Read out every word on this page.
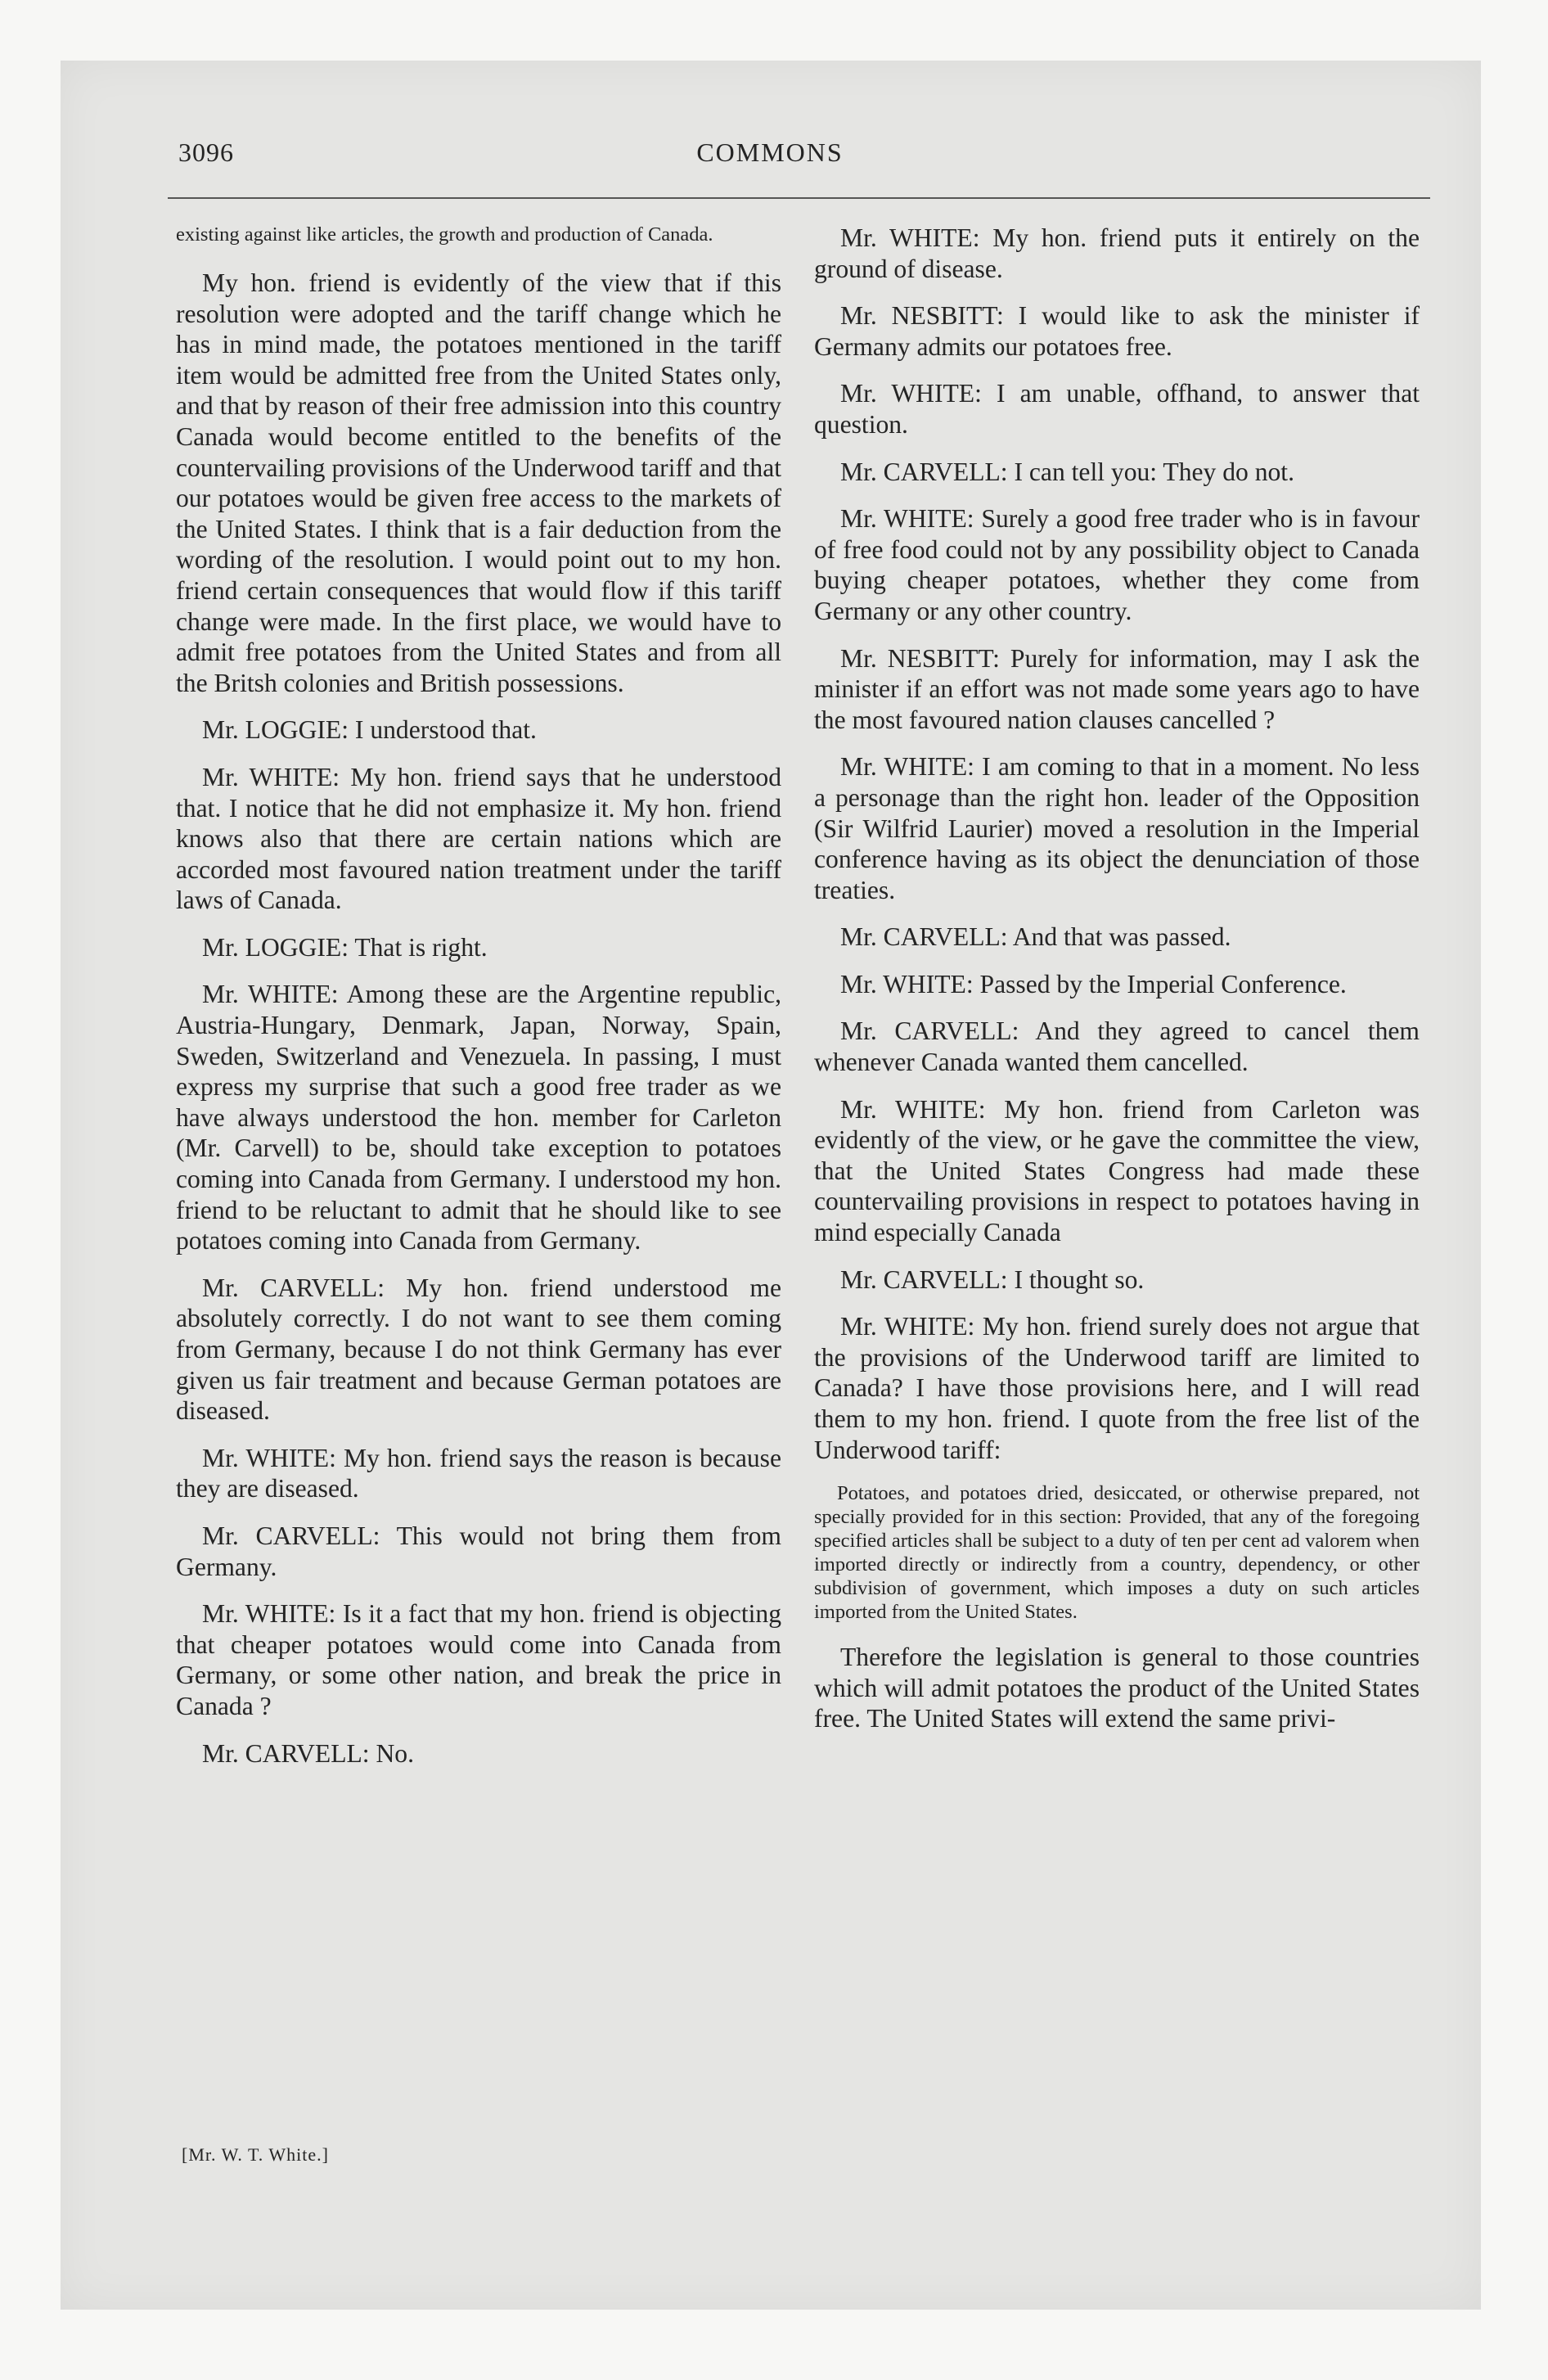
3096	COMMONS

existing against like articles, the growth and production of Canada.

My hon. friend is evidently of the view that if this resolution were adopted and the tariff change which he has in mind made, the potatoes mentioned in the tariff item would be admitted free from the United States only, and that by reason of their free admission into this country Canada would become entitled to the benefits of the countervailing provisions of the Underwood tariff and that our potatoes would be given free access to the markets of the United States. I think that is a fair deduction from the wording of the resolution. I would point out to my hon. friend certain consequences that would flow if this tariff change were made. In the first place, we would have to admit free potatoes from the United States and from all the Britsh colonies and British possessions.

Mr. LOGGIE: I understood that.

Mr. WHITE: My hon. friend says that he understood that. I notice that he did not emphasize it. My hon. friend knows also that there are certain nations which are accorded most favoured nation treatment under the tariff laws of Canada.

Mr. LOGGIE: That is right.

Mr. WHITE: Among these are the Argentine republic, Austria-Hungary, Denmark, Japan, Norway, Spain, Sweden, Switzerland and Venezuela. In passing, I must express my surprise that such a good free trader as we have always understood the hon. member for Carleton (Mr. Carvell) to be, should take exception to potatoes coming into Canada from Germany. I understood my hon. friend to be reluctant to admit that he should like to see potatoes coming into Canada from Germany.

Mr. CARVELL: My hon. friend understood me absolutely correctly. I do not want to see them coming from Germany, because I do not think Germany has ever given us fair treatment and because German potatoes are diseased.

Mr. WHITE: My hon. friend says the reason is because they are diseased.

Mr. CARVELL: This would not bring them from Germany.

Mr. WHITE: Is it a fact that my hon. friend is objecting that cheaper potatoes would come into Canada from Germany, or some other nation, and break the price in Canada ?

Mr. CARVELL: No.

Mr. WHITE: My hon. friend puts it entirely on the ground of disease.

Mr. NESBITT: I would like to ask the minister if Germany admits our potatoes free.

Mr. WHITE: I am unable, offhand, to answer that question.

Mr. CARVELL: I can tell you: They do not.

Mr. WHITE: Surely a good free trader who is in favour of free food could not by any possibility object to Canada buying cheaper potatoes, whether they come from Germany or any other country.

Mr. NESBITT: Purely for information, may I ask the minister if an effort was not made some years ago to have the most favoured nation clauses cancelled ?

Mr. WHITE: I am coming to that in a moment. No less a personage than the right hon. leader of the Opposition (Sir Wilfrid Laurier) moved a resolution in the Imperial conference having as its object the denunciation of those treaties.

Mr. CARVELL: And that was passed.

Mr. WHITE: Passed by the Imperial Conference.

Mr. CARVELL: And they agreed to cancel them whenever Canada wanted them cancelled.

Mr. WHITE: My hon. friend from Carleton was evidently of the view, or he gave the committee the view, that the United States Congress had made these countervailing provisions in respect to potatoes having in mind especially Canada

Mr. CARVELL: I thought so.

Mr. WHITE: My hon. friend surely does not argue that the provisions of the Underwood tariff are limited to Canada? I have those provisions here, and I will read them to my hon. friend. I quote from the free list of the Underwood tariff:

Potatoes, and potatoes dried, desiccated, or otherwise prepared, not specially provided for in this section: Provided, that any of the foregoing specified articles shall be subject to a duty of ten per cent ad valorem when imported directly or indirectly from a country, dependency, or other subdivision of government, which imposes a duty on such articles imported from the United States.

Therefore the legislation is general to those countries which will admit potatoes the product of the United States free. The United States will extend the same privi-

[Mr. W. T. White.]
